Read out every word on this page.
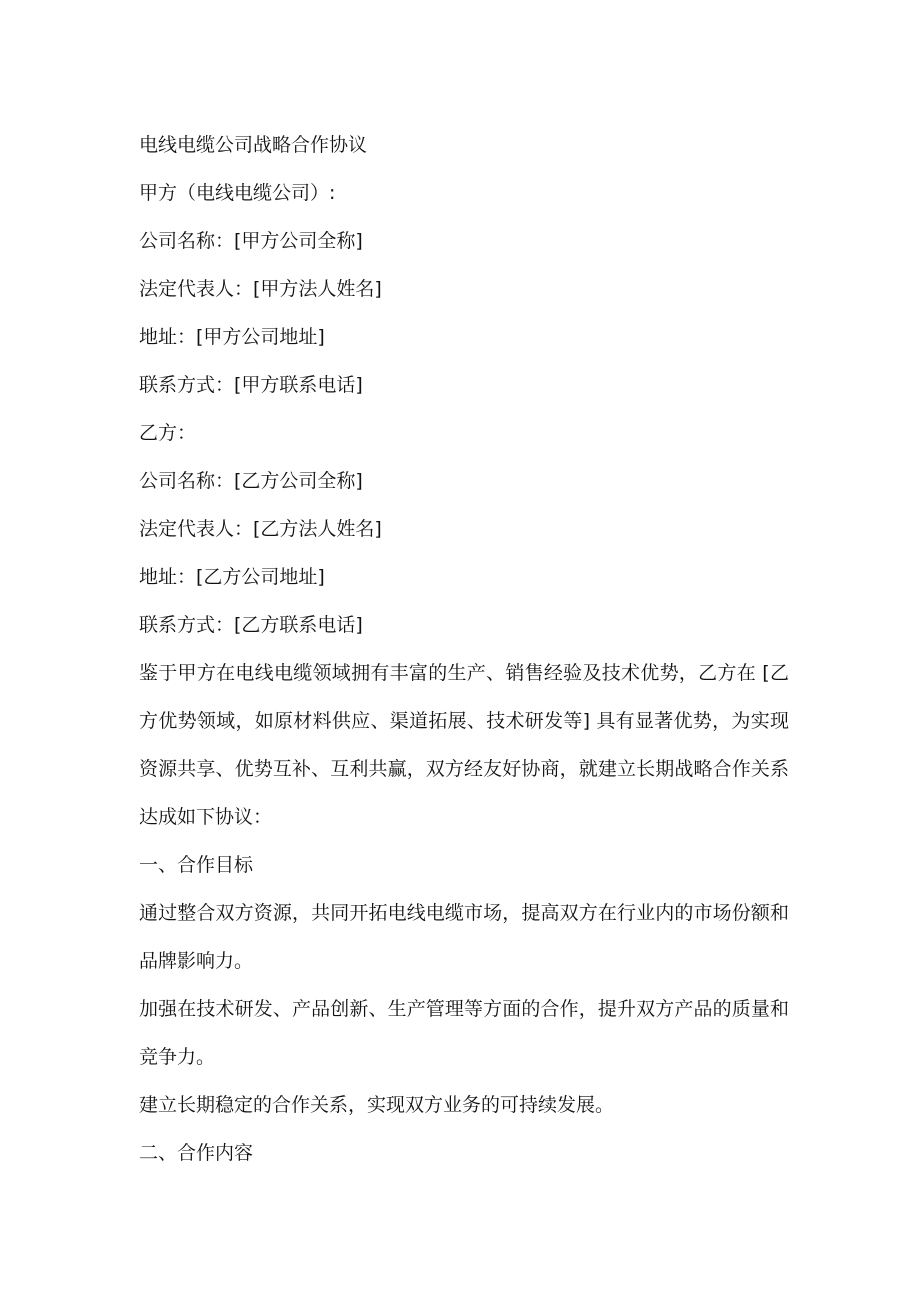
电线电缆公司战略合作协议

甲方（电线电缆公司）:

公司名称：[甲方公司全称]

法定代表人：[甲方法人姓名]

地址：[甲方公司地址]

联系方式：[甲方联系电话]

乙方：

公司名称：[乙方公司全称]

法定代表人：[乙方法人姓名]

地址：[乙方公司地址]

联系方式：[乙方联系电话]

鉴于甲方在电线电缆领域拥有丰富的生产、销售经验及技术优势，乙方在 [乙方优势领域，如原材料供应、渠道拓展、技术研发等] 具有显著优势，为实现资源共享、优势互补、互利共赢，双方经友好协商，就建立长期战略合作关系达成如下协议：

一、合作目标

通过整合双方资源，共同开拓电线电缆市场，提高双方在行业内的市场份额和品牌影响力。

加强在技术研发、产品创新、生产管理等方面的合作，提升双方产品的质量和竞争力。

建立长期稳定的合作关系，实现双方业务的可持续发展。

二、合作内容
